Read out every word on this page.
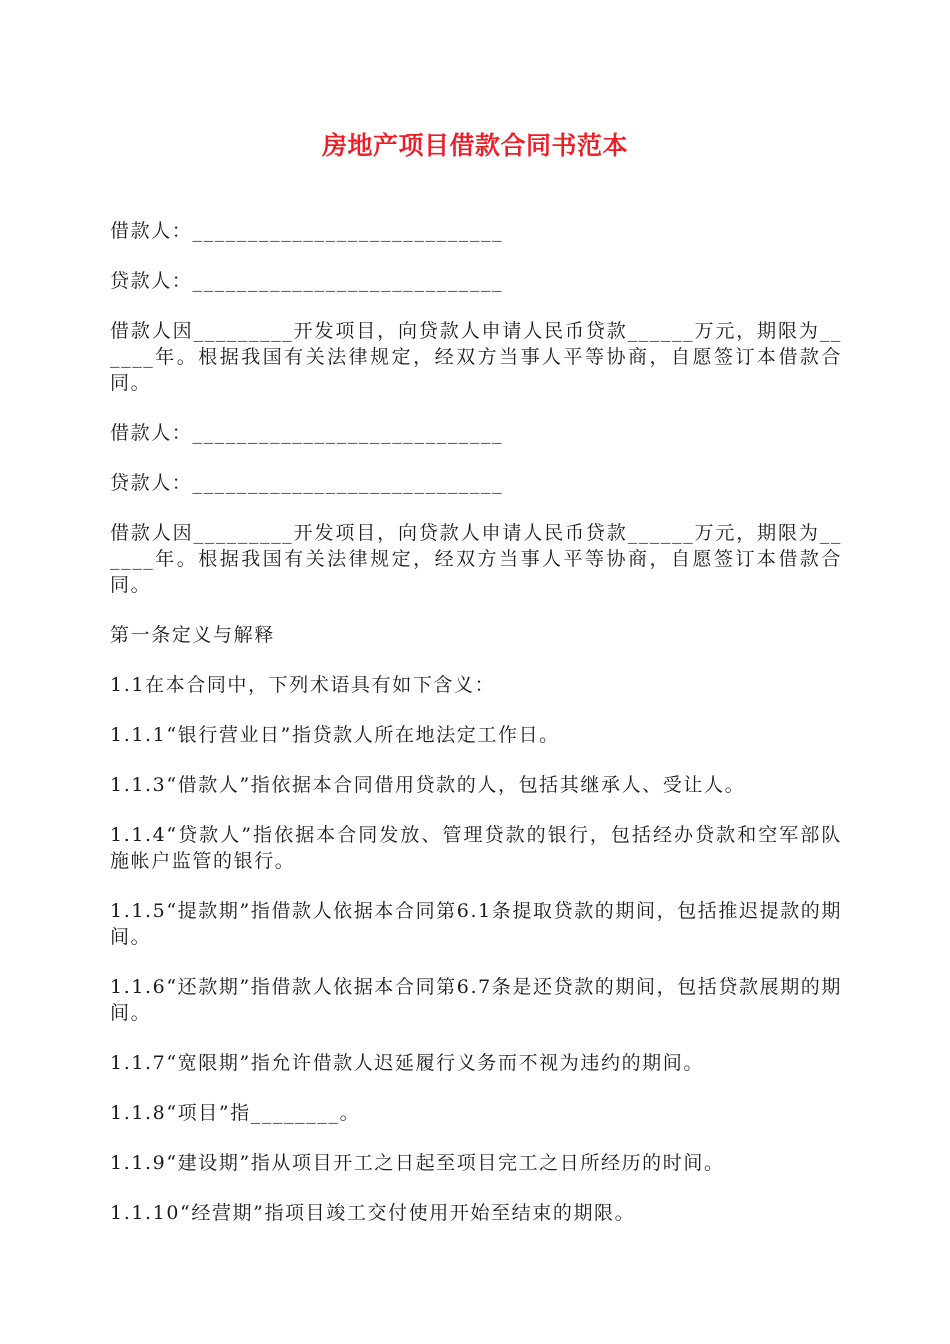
房地产项目借款合同书范本

借款人：____________________________

贷款人：____________________________

借款人因_________开发项目，向贷款人申请人民币贷款______万元，期限为______年。根据我国有关法律规定，经双方当事人平等协商，自愿签订本借款合同。

借款人：____________________________

贷款人：____________________________

借款人因_________开发项目，向贷款人申请人民币贷款______万元，期限为______年。根据我国有关法律规定，经双方当事人平等协商，自愿签订本借款合同。

第一条定义与解释

1.1在本合同中，下列术语具有如下含义：

1.1.1“银行营业日”指贷款人所在地法定工作日。

1.1.3“借款人”指依据本合同借用贷款的人，包括其继承人、受让人。

1.1.4“贷款人”指依据本合同发放、管理贷款的银行，包括经办贷款和空军部队施帐户监管的银行。

1.1.5“提款期”指借款人依据本合同第6.1条提取贷款的期间，包括推迟提款的期间。

1.1.6“还款期”指借款人依据本合同第6.7条是还贷款的期间，包括贷款展期的期间。

1.1.7“宽限期”指允许借款人迟延履行义务而不视为违约的期间。

1.1.8“项目”指________。

1.1.9“建设期”指从项目开工之日起至项目完工之日所经历的时间。

1.1.10“经营期”指项目竣工交付使用开始至结束的期限。
